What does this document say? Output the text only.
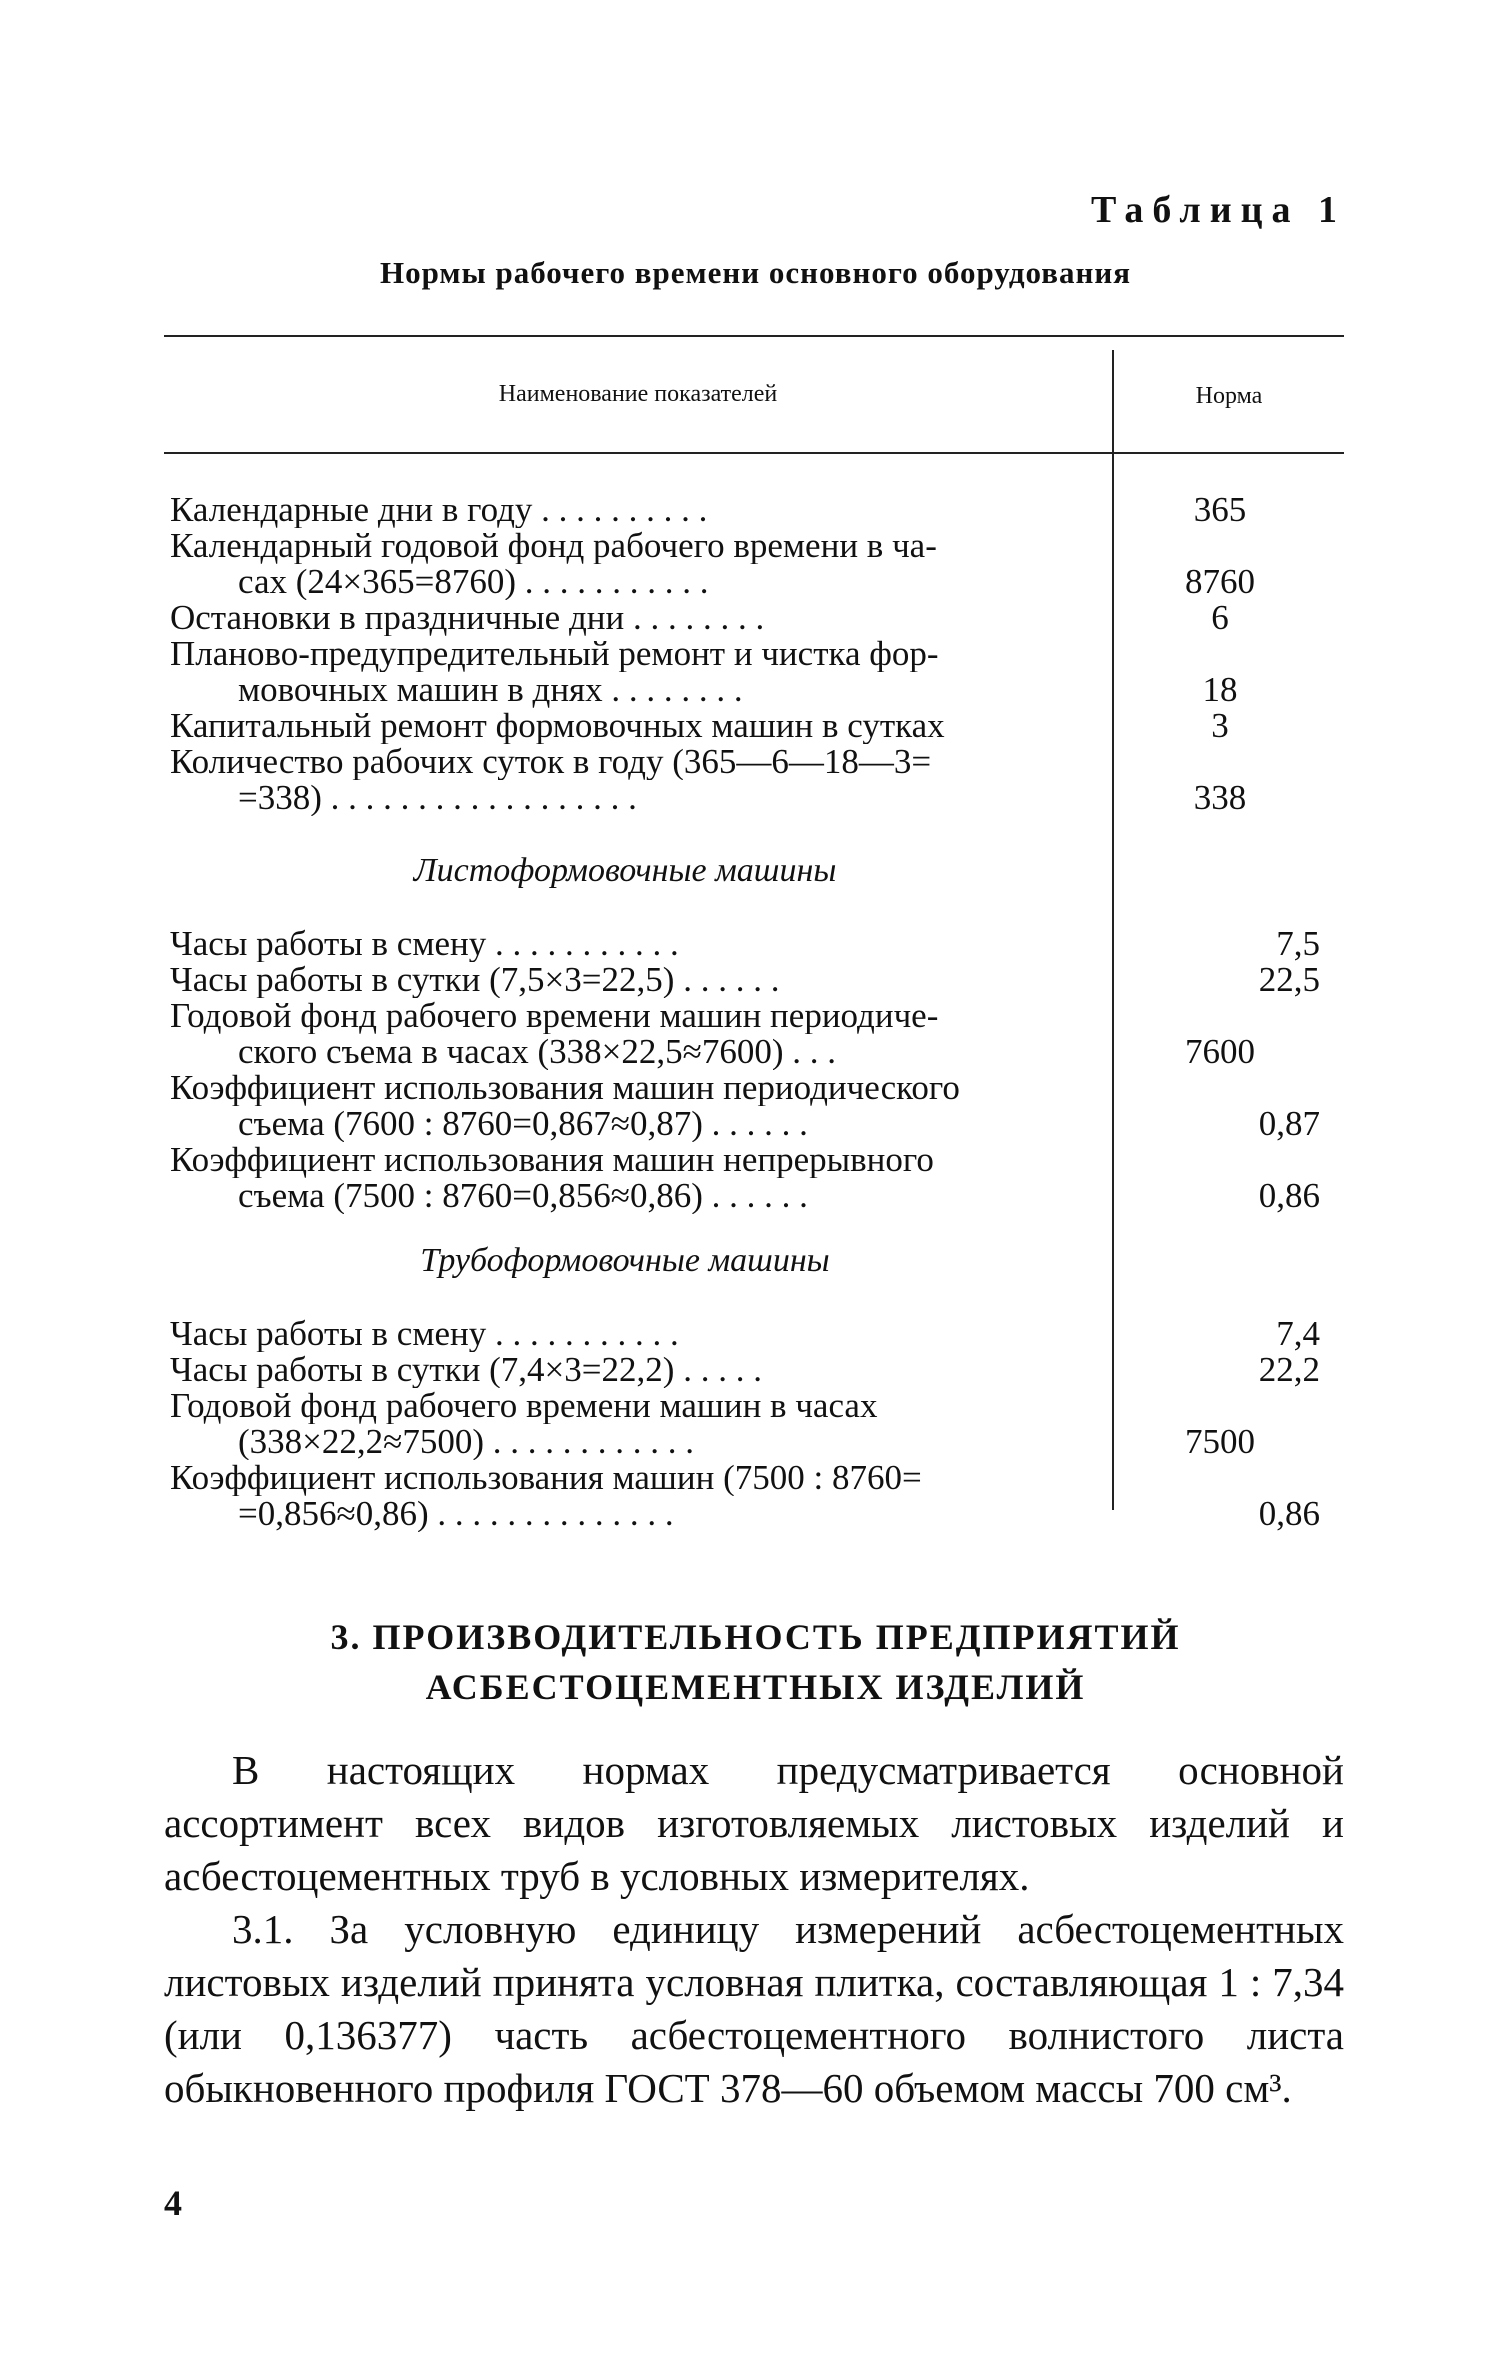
Таблица 1
Нормы рабочего времени основного оборудования
Наименование показателей	Норма
Календарные дни в году . . . . . . . . . .	365
Календарный годовой фонд рабочего времени в ча-
сах (24×365=8760) . . . . . . . . . . .	8760
Остановки в праздничные дни . . . . . . . .	6
Планово-предупредительный ремонт и чистка фор-
мовочных машин в днях . . . . . . . .	18
Капитальный ремонт формовочных машин в сутках	3
Количество рабочих суток в году (365—6—18—3=
=338) . . . . . . . . . . . . . . . . . .	338
Листоформовочные машины
Часы работы в смену . . . . . . . . . . .	7,5
Часы работы в сутки (7,5×3=22,5) . . . . . .	22,5
Годовой фонд рабочего времени машин периодиче-
ского съема в часах (338×22,5≈7600) . . .	7600
Коэффициент использования машин периодического
съема (7600 : 8760=0,867≈0,87) . . . . . .	0,87
Коэффициент использования машин непрерывного
съема (7500 : 8760=0,856≈0,86) . . . . . .	0,86
Трубоформовочные машины
Часы работы в смену . . . . . . . . . . .	7,4
Часы работы в сутки (7,4×3=22,2) . . . . .	22,2
Годовой фонд рабочего времени машин в часах
(338×22,2≈7500) . . . . . . . . . . . .	7500
Коэффициент использования машин (7500 : 8760=
=0,856≈0,86) . . . . . . . . . . . . . .	0,86
3. ПРОИЗВОДИТЕЛЬНОСТЬ ПРЕДПРИЯТИЙ
АСБЕСТОЦЕМЕНТНЫХ ИЗДЕЛИЙ
В настоящих нормах предусматривается основной ассортимент всех видов изготовляемых листовых изделий и асбестоцементных труб в условных измерителях.
3.1. За условную единицу измерений асбестоцементных листовых изделий принята условная плитка, составляющая 1 : 7,34 (или 0,136377) часть асбестоцементного волнистого листа обыкновенного профиля ГОСТ 378—60 объемом массы 700 см³.
4
